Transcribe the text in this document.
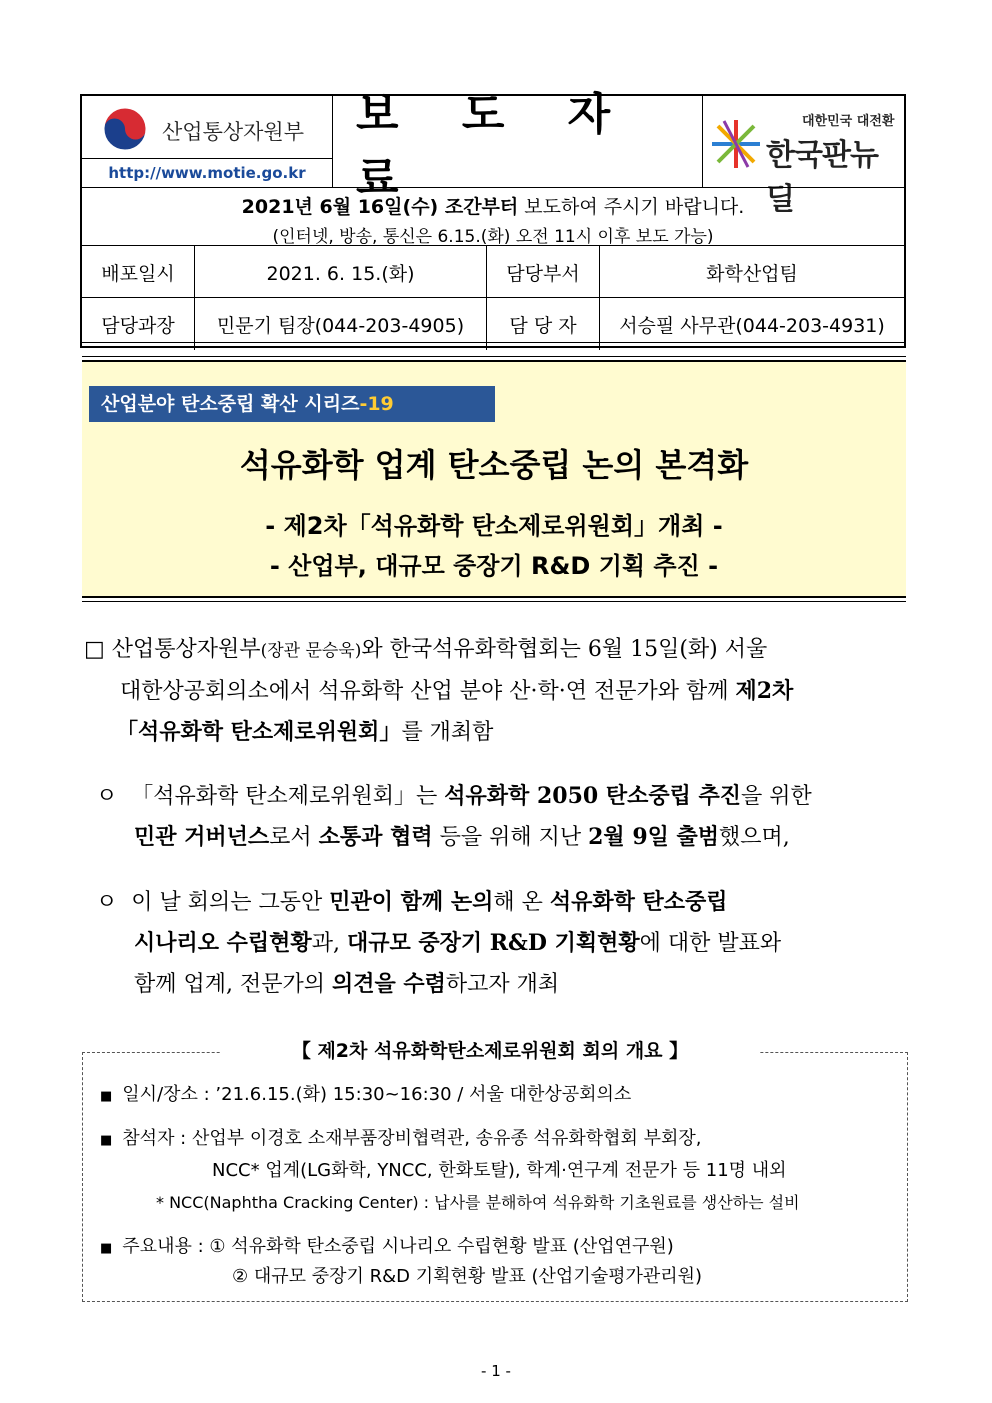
산업통상자원부
http://www.motie.go.kr
보 도 자 료
대한민국 대전환
한국판뉴딜
2021년 6월 16일(수) 조간부터 보도하여 주시기 바랍니다.
(인터넷, 방송, 통신은 6.15.(화) 오전 11시 이후 보도 가능)
배포일시	2021. 6. 15.(화)	담당부서	화학산업팀
담당과장	민문기 팀장(044-203-4905)	담 당 자	서승필 사무관(044-203-4931)
산업분야 탄소중립 확산 시리즈-19
석유화학 업계 탄소중립 논의 본격화
- 제2차「석유화학 탄소제로위원회」개최 -
- 산업부, 대규모 중장기 R&D 기획 추진 -
□ 산업통상자원부(장관 문승욱)와 한국석유화학협회는 6월 15일(화) 서울
대한상공회의소에서 석유화학 산업 분야 산·학·연 전문가와 함께 제2차
「석유화학 탄소제로위원회」를 개최함
ㅇ 「석유화학 탄소제로위원회」는 석유화학 2050 탄소중립 추진을 위한
민관 거버넌스로서 소통과 협력 등을 위해 지난 2월 9일 출범했으며,
ㅇ 이 날 회의는 그동안 민관이 함께 논의해 온 석유화학 탄소중립
시나리오 수립현황과, 대규모 중장기 R&D 기획현황에 대한 발표와
함께 업계, 전문가의 의견을 수렴하고자 개최
【 제2차 석유화학탄소제로위원회 회의 개요 】
■ 일시/장소 : ’21.6.15.(화) 15:30~16:30 / 서울 대한상공회의소
■ 참석자 : 산업부 이경호 소재부품장비협력관, 송유종 석유화학협회 부회장,
NCC* 업계(LG화학, YNCC, 한화토탈), 학계·연구계 전문가 등 11명 내외
* NCC(Naphtha Cracking Center) : 납사를 분해하여 석유화학 기초원료를 생산하는 설비
■ 주요내용 : ① 석유화학 탄소중립 시나리오 수립현황 발표 (산업연구원)
② 대규모 중장기 R&D 기획현황 발표 (산업기술평가관리원)
- 1 -
